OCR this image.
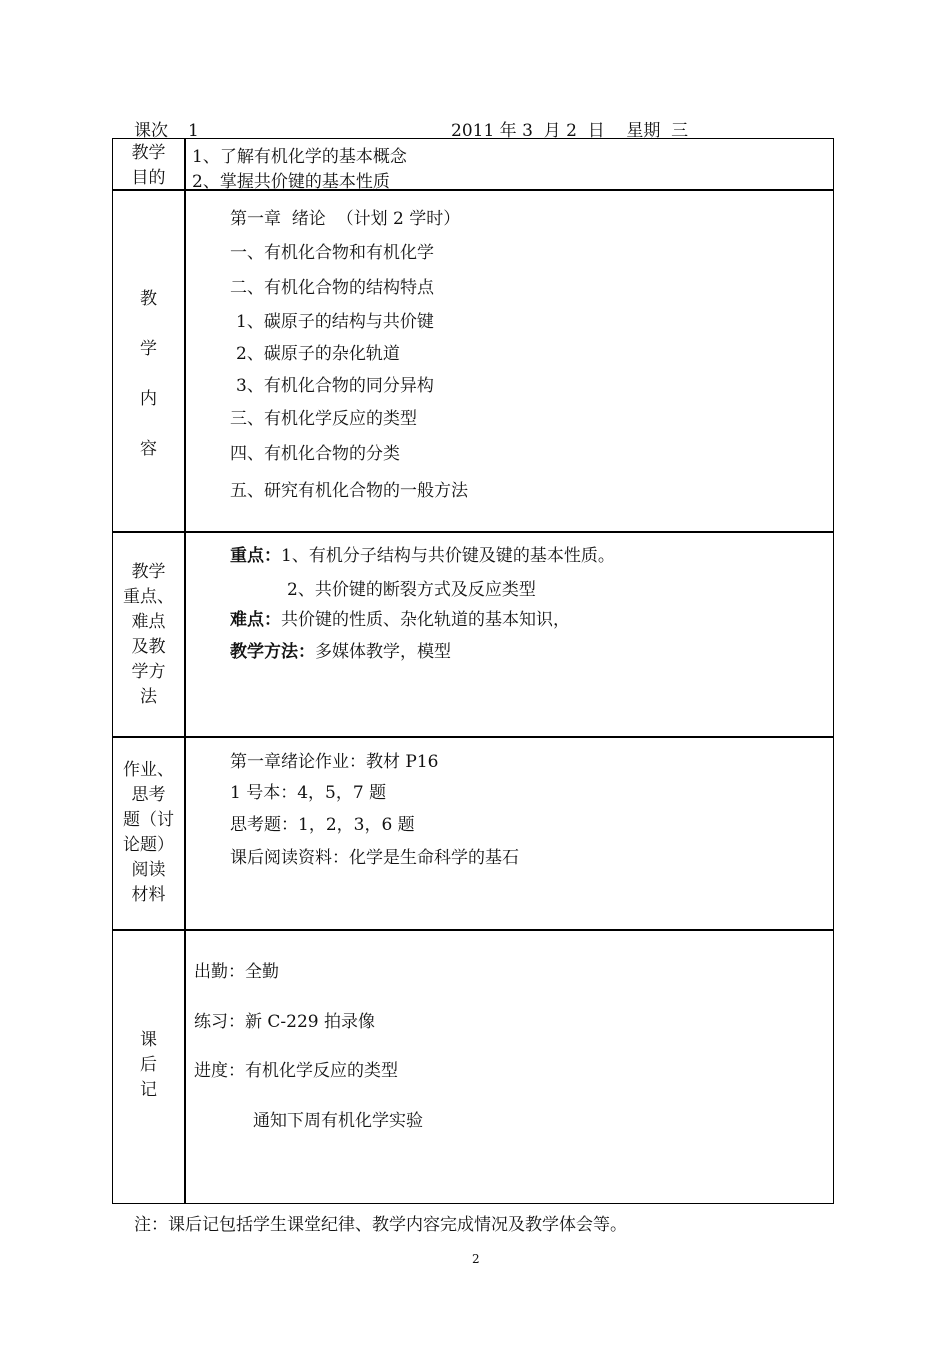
课次 1	2011 年 3  月 2  日    星期  三
教学
目的
1、了解有机化学的基本概念
2、掌握共价键的基本性质
教
学
内
容
第一章  绪论  （计划 2 学时）
一、有机化合物和有机化学
二、有机化合物的结构特点
1、碳原子的结构与共价键
2、碳原子的杂化轨道
3、有机化合物的同分异构
三、有机化学反应的类型
四、有机化合物的分类
五、研究有机化合物的一般方法
教学
重点、
难点
及教
学方
法
重点：1、有机分子结构与共价键及键的基本性质。
2、共价键的断裂方式及反应类型
难点：共价键的性质、杂化轨道的基本知识，
教学方法：多媒体教学，模型
作业、
思考
题（讨
论题）
阅读
材料
第一章绪论作业：教材 P16
1 号本：4，5，7 题
思考题：1，2，3，6 题
课后阅读资料：化学是生命科学的基石
课
后
记
出勤：全勤
练习：新 C-229 拍录像
进度：有机化学反应的类型
通知下周有机化学实验
注：课后记包括学生课堂纪律、教学内容完成情况及教学体会等。
2
